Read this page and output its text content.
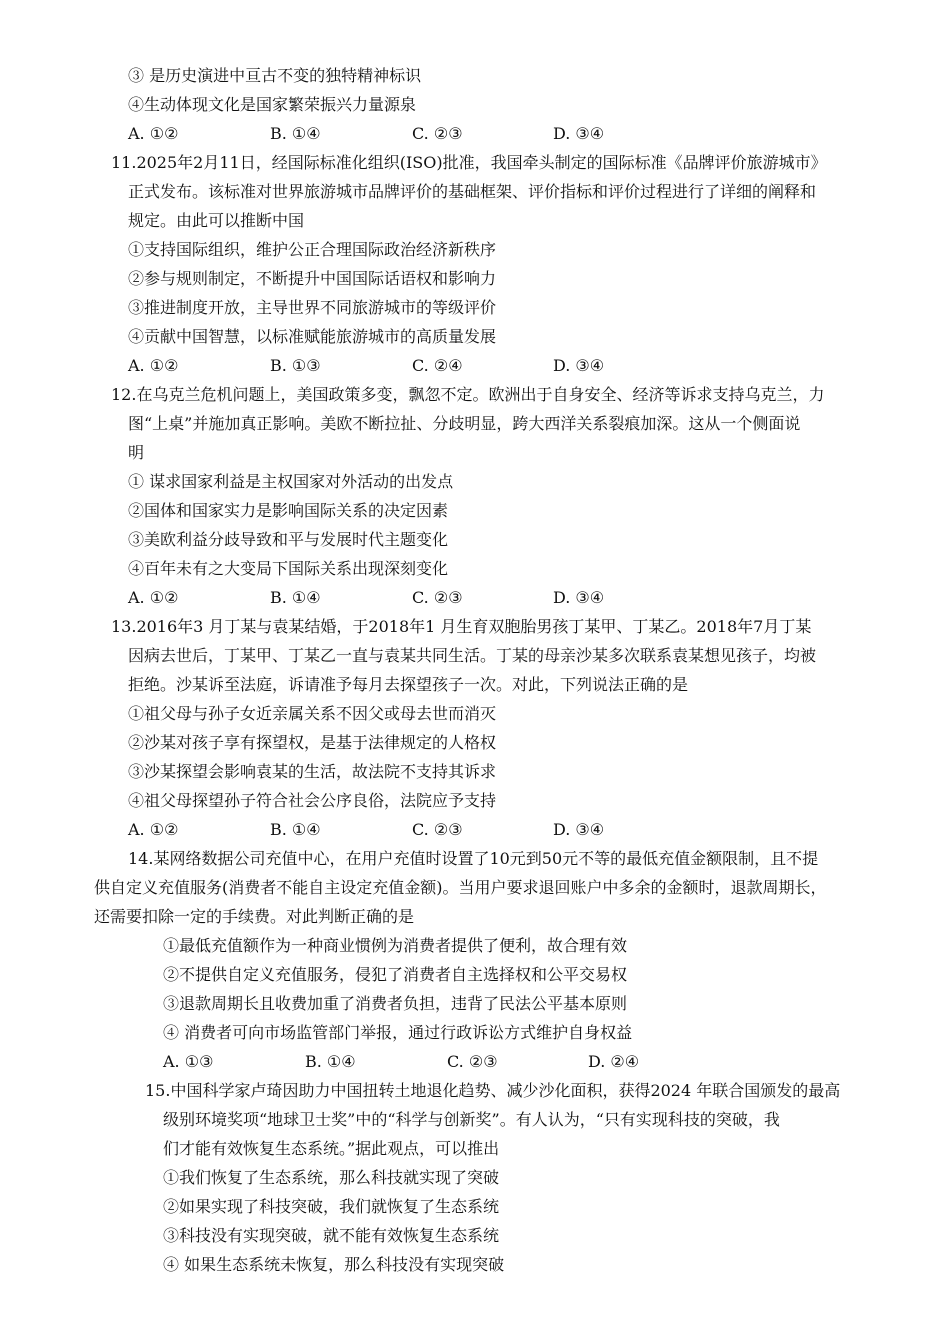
③ 是历史演进中亘古不变的独特精神标识
④生动体现文化是国家繁荣振兴力量源泉
A. ①②	B. ①④	C. ②③	D. ③④
11.2025年2月11日，经国际标准化组织(ISO)批准，我国牵头制定的国际标准《品牌评价旅游城市》
正式发布。该标准对世界旅游城市品牌评价的基础框架、评价指标和评价过程进行了详细的阐释和
规定。由此可以推断中国
①支持国际组织，维护公正合理国际政治经济新秩序
②参与规则制定，不断提升中国国际话语权和影响力
③推进制度开放，主导世界不同旅游城市的等级评价
④贡献中国智慧，以标准赋能旅游城市的高质量发展
A. ①②	B. ①③	C. ②④	D. ③④
12.在乌克兰危机问题上，美国政策多变，飘忽不定。欧洲出于自身安全、经济等诉求支持乌克兰，力
图“上桌”并施加真正影响。美欧不断拉扯、分歧明显，跨大西洋关系裂痕加深。这从一个侧面说
明
① 谋求国家利益是主权国家对外活动的出发点
②国体和国家实力是影响国际关系的决定因素
③美欧利益分歧导致和平与发展时代主题变化
④百年未有之大变局下国际关系出现深刻变化
A. ①②	B. ①④	C. ②③	D. ③④
13.2016年3 月丁某与袁某结婚，于2018年1 月生育双胞胎男孩丁某甲、丁某乙。2018年7月丁某
因病去世后，丁某甲、丁某乙一直与袁某共同生活。丁某的母亲沙某多次联系袁某想见孩子，均被
拒绝。沙某诉至法庭，诉请准予每月去探望孩子一次。对此，下列说法正确的是
①祖父母与孙子女近亲属关系不因父或母去世而消灭
②沙某对孩子享有探望权，是基于法律规定的人格权
③沙某探望会影响袁某的生活，故法院不支持其诉求
④祖父母探望孙子符合社会公序良俗，法院应予支持
A. ①②	B. ①④	C. ②③	D. ③④
14.某网络数据公司充值中心，在用户充值时设置了10元到50元不等的最低充值金额限制，且不提
供自定义充值服务(消费者不能自主设定充值金额)。当用户要求退回账户中多余的金额时，退款周期长，
还需要扣除一定的手续费。对此判断正确的是
①最低充值额作为一种商业惯例为消费者提供了便利，故合理有效
②不提供自定义充值服务，侵犯了消费者自主选择权和公平交易权
③退款周期长且收费加重了消费者负担，违背了民法公平基本原则
④ 消费者可向市场监管部门举报，通过行政诉讼方式维护自身权益
A. ①③	B. ①④	C. ②③	D. ②④
15.中国科学家卢琦因助力中国扭转土地退化趋势、减少沙化面积，获得2024 年联合国颁发的最高
级别环境奖项“地球卫士奖”中的“科学与创新奖”。有人认为，“只有实现科技的突破，我
们才能有效恢复生态系统。”据此观点，可以推出
①我们恢复了生态系统，那么科技就实现了突破
②如果实现了科技突破，我们就恢复了生态系统
③科技没有实现突破，就不能有效恢复生态系统
④ 如果生态系统未恢复，那么科技没有实现突破
